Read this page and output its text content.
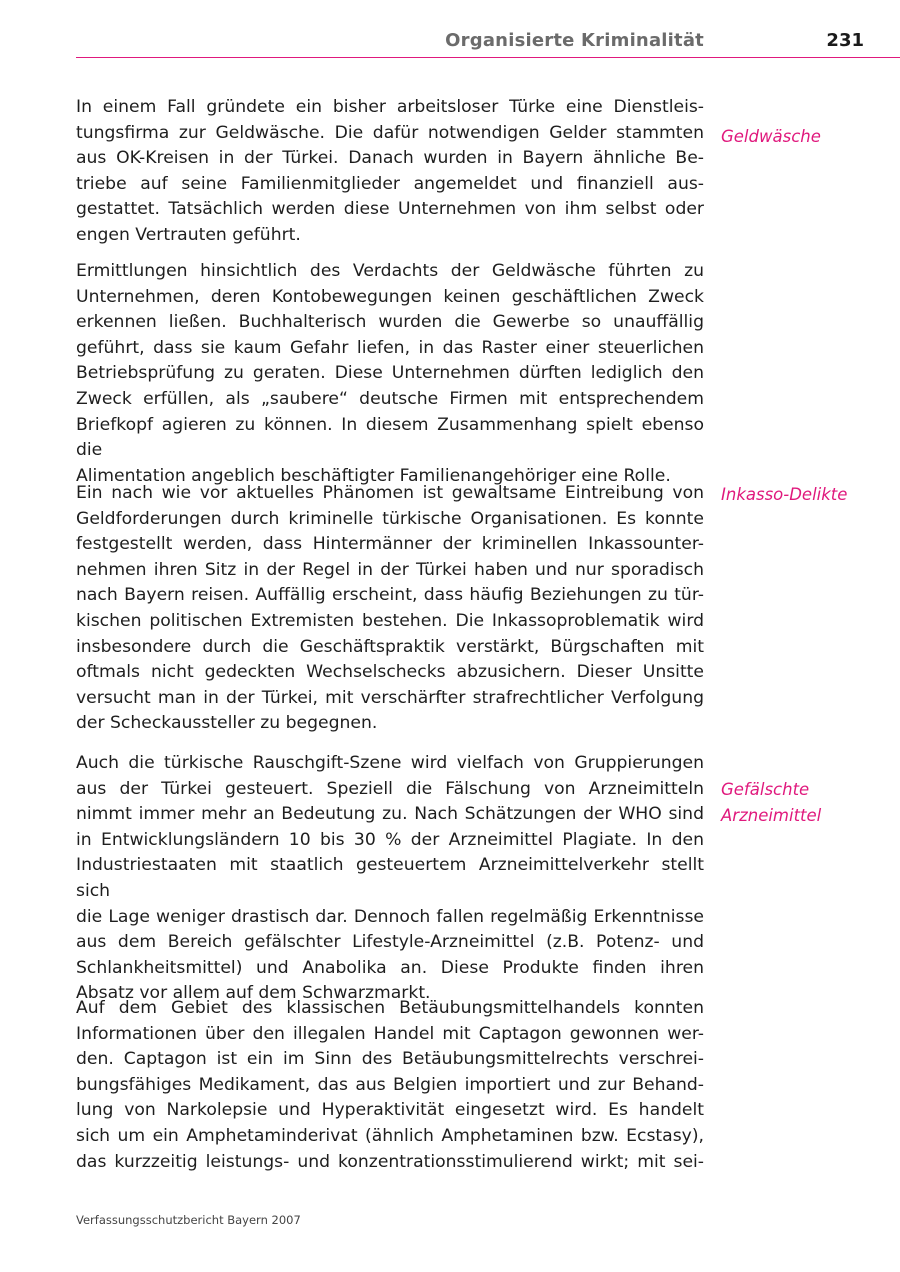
Organisierte Kriminalität	231
In einem Fall gründete ein bisher arbeitsloser Türke eine Dienstleis-
tungsfirma zur Geldwäsche. Die dafür notwendigen Gelder stammten
aus OK-Kreisen in der Türkei. Danach wurden in Bayern ähnliche Be-
triebe auf seine Familienmitglieder angemeldet und finanziell aus-
gestattet. Tatsächlich werden diese Unternehmen von ihm selbst oder
engen Vertrauten geführt.
Geldwäsche
Ermittlungen hinsichtlich des Verdachts der Geldwäsche führten zu
Unternehmen, deren Kontobewegungen keinen geschäftlichen Zweck
erkennen ließen. Buchhalterisch wurden die Gewerbe so unauffällig
geführt, dass sie kaum Gefahr liefen, in das Raster einer steuerlichen
Betriebsprüfung zu geraten. Diese Unternehmen dürften lediglich den
Zweck erfüllen, als „saubere“ deutsche Firmen mit entsprechendem
Briefkopf agieren zu können. In diesem Zusammenhang spielt ebenso die
Alimentation angeblich beschäftigter Familienangehöriger eine Rolle.
Ein nach wie vor aktuelles Phänomen ist gewaltsame Eintreibung von
Geldforderungen durch kriminelle türkische Organisationen. Es konnte
festgestellt werden, dass Hintermänner der kriminellen Inkassounter-
nehmen ihren Sitz in der Regel in der Türkei haben und nur sporadisch
nach Bayern reisen. Auffällig erscheint, dass häufig Beziehungen zu tür-
kischen politischen Extremisten bestehen. Die Inkassoproblematik wird
insbesondere durch die Geschäftspraktik verstärkt, Bürgschaften mit
oftmals nicht gedeckten Wechselschecks abzusichern. Dieser Unsitte
versucht man in der Türkei, mit verschärfter strafrechtlicher Verfolgung
der Scheckaussteller zu begegnen.
Inkasso-Delikte
Auch die türkische Rauschgift-Szene wird vielfach von Gruppierungen
aus der Türkei gesteuert. Speziell die Fälschung von Arzneimitteln
nimmt immer mehr an Bedeutung zu. Nach Schätzungen der WHO sind
in Entwicklungsländern 10 bis 30 % der Arzneimittel Plagiate. In den
Industriestaaten mit staatlich gesteuertem Arzneimittelverkehr stellt sich
die Lage weniger drastisch dar. Dennoch fallen regelmäßig Erkenntnisse
aus dem Bereich gefälschter Lifestyle-Arzneimittel (z.B. Potenz- und
Schlankheitsmittel) und Anabolika an. Diese Produkte finden ihren
Absatz vor allem auf dem Schwarzmarkt.
Gefälschte
Arzneimittel
Auf dem Gebiet des klassischen Betäubungsmittelhandels konnten
Informationen über den illegalen Handel mit Captagon gewonnen wer-
den. Captagon ist ein im Sinn des Betäubungsmittelrechts verschrei-
bungsfähiges Medikament, das aus Belgien importiert und zur Behand-
lung von Narkolepsie und Hyperaktivität eingesetzt wird. Es handelt
sich um ein Amphetaminderivat (ähnlich Amphetaminen bzw. Ecstasy),
das kurzzeitig leistungs- und konzentrationsstimulierend wirkt; mit sei-
Verfassungsschutzbericht Bayern 2007
